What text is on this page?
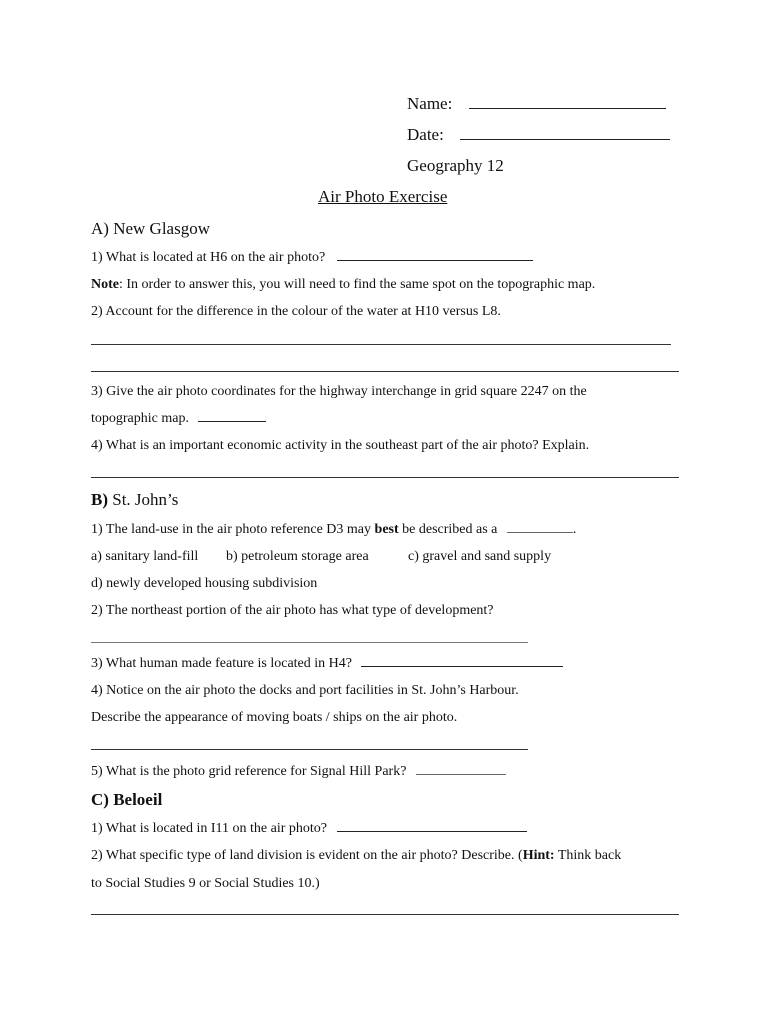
Name:
Date:
Geography 12
Air Photo Exercise
A) New Glasgow
1) What is located at H6 on the air photo?
Note: In order to answer this, you will need to find the same spot on the topographic map.
2) Account for the difference in the colour of the water at H10 versus L8.
3) Give the air photo coordinates for the highway interchange in grid square 2247 on the
topographic map.
4) What is an important economic activity in the southeast part of the air photo? Explain.
B) St. John’s
1) The land-use in the air photo reference D3 may best be described as a	.
a) sanitary land-fill b) petroleum storage area	c) gravel and sand supply
d) newly developed housing subdivision
2) The northeast portion of the air photo has what type of development?
3) What human made feature is located in H4?
4) Notice on the air photo the docks and port facilities in St. John’s Harbour.
Describe the appearance of moving boats / ships on the air photo.
5) What is the photo grid reference for Signal Hill Park?
C) Beloeil
1) What is located in I11 on the air photo?
2) What specific type of land division is evident on the air photo? Describe. (Hint: Think back
to Social Studies 9 or Social Studies 10.)
